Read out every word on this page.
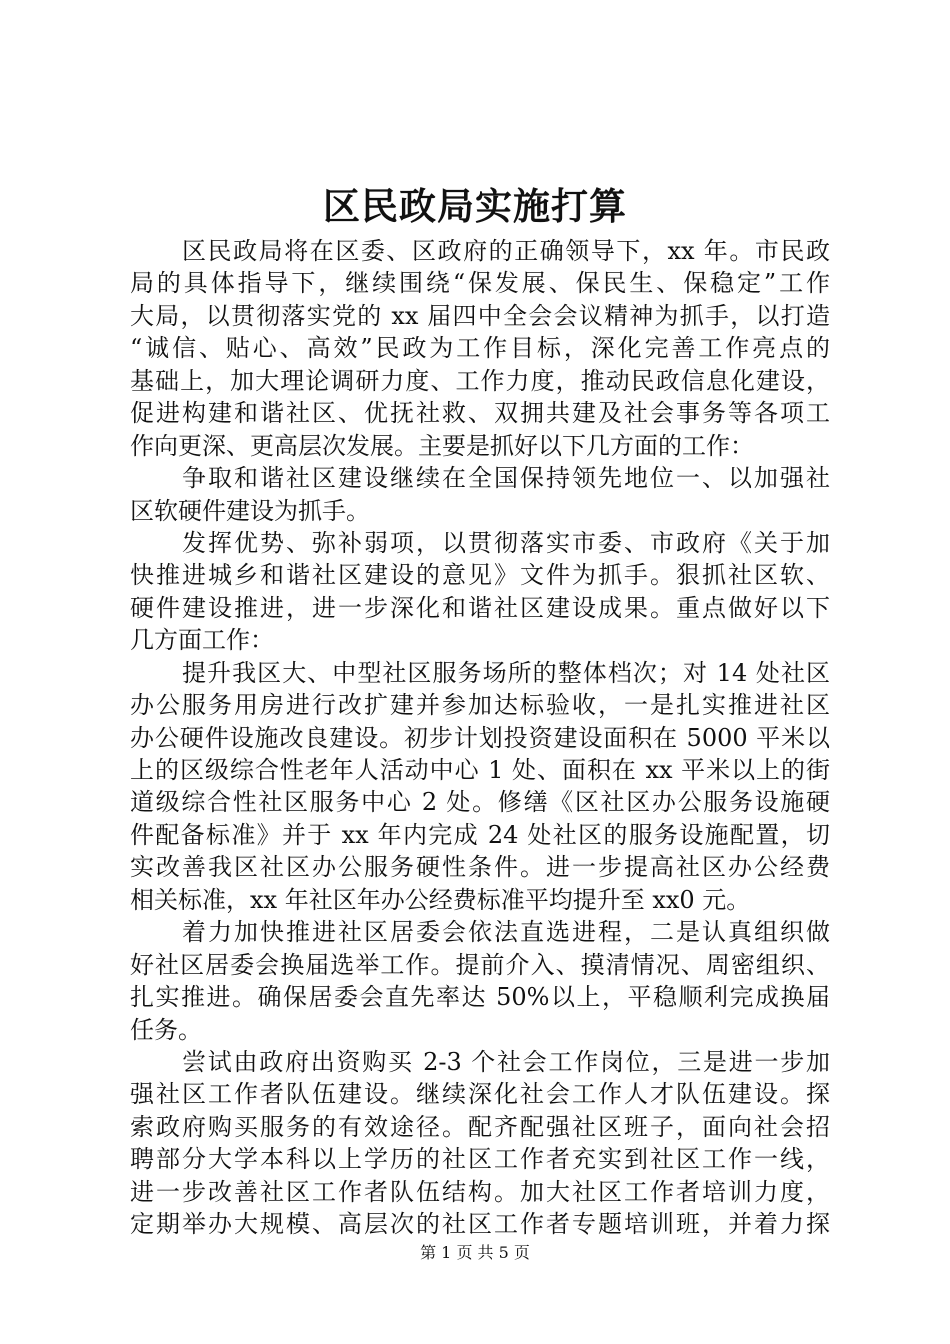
区民政局实施打算
区民政局将在区委、区政府的正确领导下，xx 年。市民政
局的具体指导下，继续围绕“保发展、保民生、保稳定”工作
大局，以贯彻落实党的 xx 届四中全会会议精神为抓手，以打造
“诚信、贴心、高效”民政为工作目标，深化完善工作亮点的
基础上，加大理论调研力度、工作力度，推动民政信息化建设，
促进构建和谐社区、优抚社救、双拥共建及社会事务等各项工
作向更深、更高层次发展。主要是抓好以下几方面的工作：
争取和谐社区建设继续在全国保持领先地位一、以加强社
区软硬件建设为抓手。
发挥优势、弥补弱项，以贯彻落实市委、市政府《关于加
快推进城乡和谐社区建设的意见》文件为抓手。狠抓社区软、
硬件建设推进，进一步深化和谐社区建设成果。重点做好以下
几方面工作：
提升我区大、中型社区服务场所的整体档次；对 14 处社区
办公服务用房进行改扩建并参加达标验收，一是扎实推进社区
办公硬件设施改良建设。初步计划投资建设面积在 5000 平米以
上的区级综合性老年人活动中心 1 处、面积在 xx 平米以上的街
道级综合性社区服务中心 2 处。修缮《区社区办公服务设施硬
件配备标准》并于 xx 年内完成 24 处社区的服务设施配置，切
实改善我区社区办公服务硬性条件。进一步提高社区办公经费
相关标准，xx 年社区年办公经费标准平均提升至 xx0 元。
着力加快推进社区居委会依法直选进程，二是认真组织做
好社区居委会换届选举工作。提前介入、摸清情况、周密组织、
扎实推进。确保居委会直先率达 50%以上，平稳顺利完成换届
任务。
尝试由政府出资购买 2-3 个社会工作岗位，三是进一步加
强社区工作者队伍建设。继续深化社会工作人才队伍建设。探
索政府购买服务的有效途径。配齐配强社区班子，面向社会招
聘部分大学本科以上学历的社区工作者充实到社区工作一线，
进一步改善社区工作者队伍结构。加大社区工作者培训力度，
定期举办大规模、高层次的社区工作者专题培训班，并着力探
第 1 页 共 5 页
